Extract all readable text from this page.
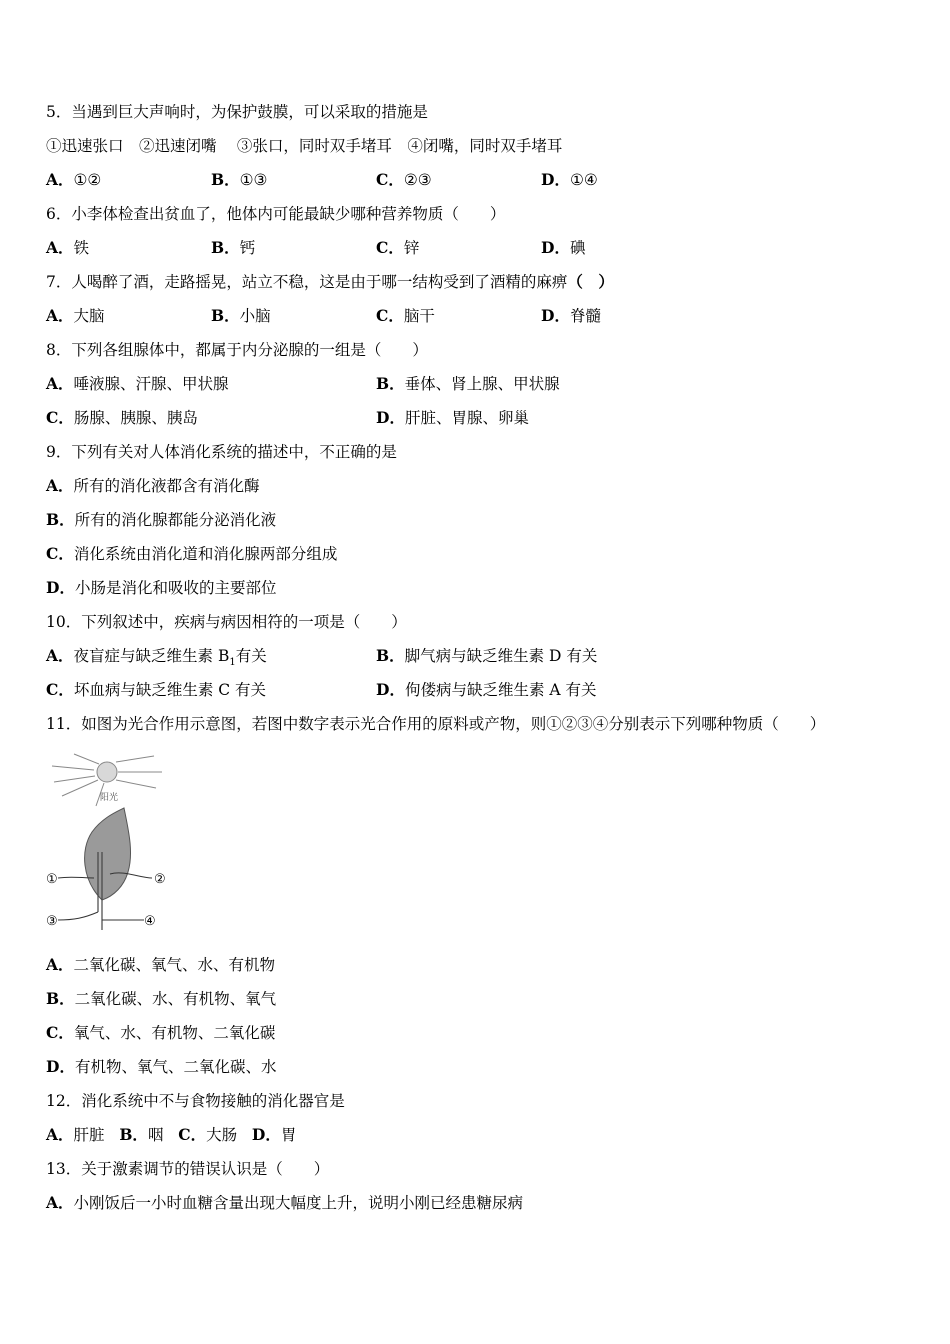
5．当遇到巨大声响时，为保护鼓膜，可以采取的措施是
①迅速张口　②迅速闭嘴　 ③张口，同时双手堵耳　④闭嘴，同时双手堵耳
A．①②	B．①③	C．②③	D．①④
6．小李体检查出贫血了，他体内可能最缺少哪种营养物质（　　）
A．铁	B．钙	C．锌	D．碘
7．人喝醉了酒，走路摇晃，站立不稳，这是由于哪一结构受到了酒精的麻痹（　）
A．大脑	B．小脑	C．脑干	D．脊髓
8．下列各组腺体中，都属于内分泌腺的一组是（　　）
A．唾液腺、汗腺、甲状腺	B．垂体、肾上腺、甲状腺
C．肠腺、胰腺、胰岛	D．肝脏、胃腺、卵巢
9．下列有关对人体消化系统的描述中，不正确的是
A．所有的消化液都含有消化酶
B．所有的消化腺都能分泌消化液
C．消化系统由消化道和消化腺两部分组成
D．小肠是消化和吸收的主要部位
10．下列叙述中，疾病与病因相符的一项是（　　）
A．夜盲症与缺乏维生素 $B_1$有关	B．脚气病与缺乏维生素 D 有关
C．坏血病与缺乏维生素 C 有关	D．佝偻病与缺乏维生素 A 有关
11．如图为光合作用示意图，若图中数字表示光合作用的原料或产物，则①②③④分别表示下列哪种物质（　　）
阳光
①	②
③	④
A．二氧化碳、氧气、水、有机物
B．二氧化碳、水、有机物、氧气
C．氧气、水、有机物、二氧化碳
D．有机物、氧气、二氧化碳、水
12．消化系统中不与食物接触的消化器官是
A．肝脏 B．咽 C．大肠 D．胃
13．关于激素调节的错误认识是（　　）
A．小刚饭后一小时血糖含量出现大幅度上升，说明小刚已经患糖尿病
